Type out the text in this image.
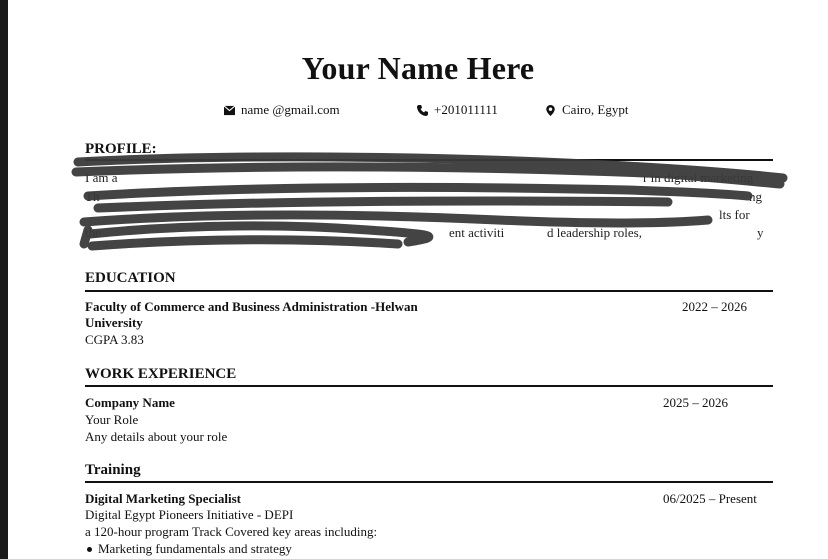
Your Name Here
name @gmail.com	+201011111	Cairo, Egypt
PROFILE:
I am a	r in digital marketing
Th	ng
lts for
the	ent activiti	d leadership roles,	y
EDUCATION
Faculty of Commerce and Business Administration -Helwan
University
CGPA 3.83
2022 – 2026
WORK EXPERIENCE
Company Name
Your Role
Any details about your role
2025 – 2026
Training
Digital Marketing Specialist
Digital Egypt Pioneers Initiative - DEPI
a 120-hour program Track Covered key areas including:
Marketing fundamentals and strategy
06/2025 – Present
